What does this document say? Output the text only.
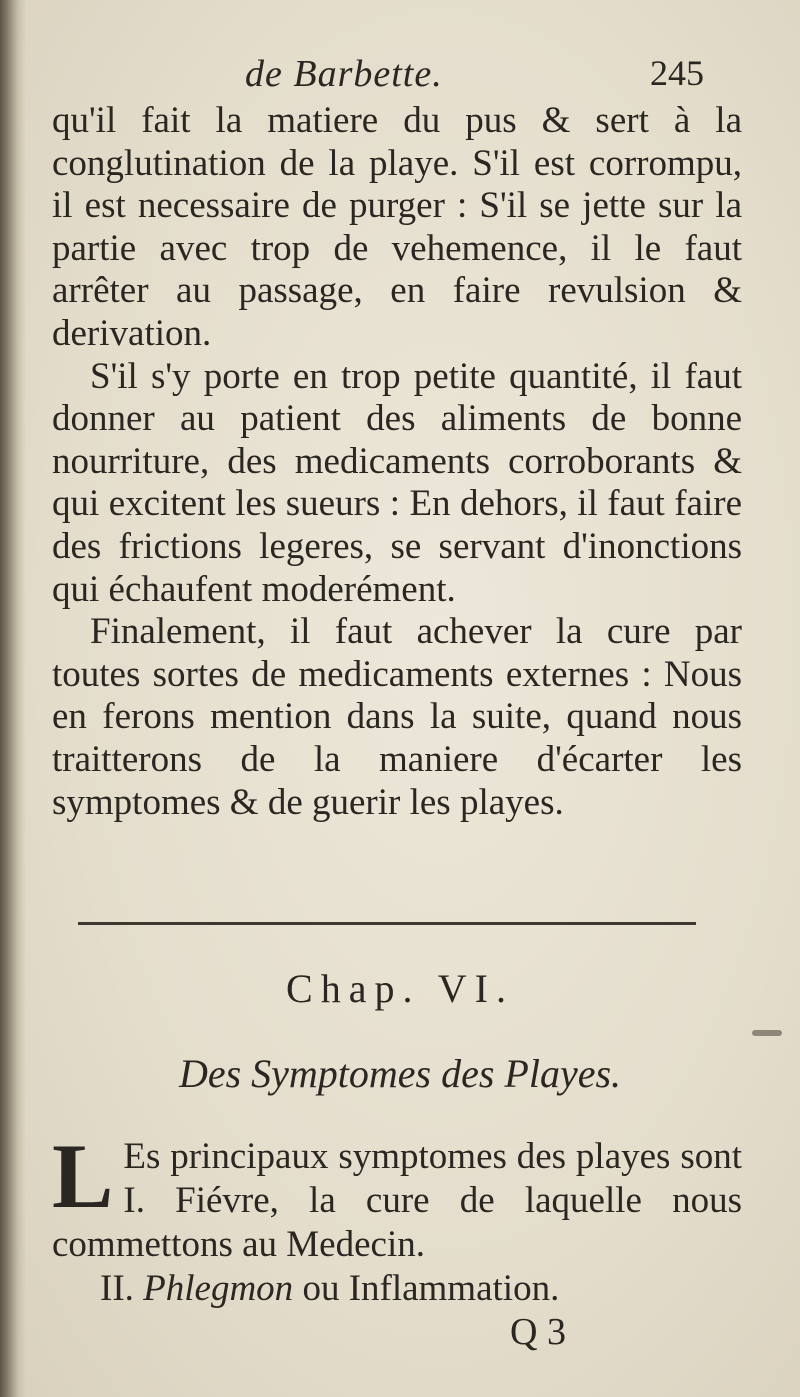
de Barbette.	245

qu'il fait la matiere du pus & sert à la conglutination de la playe. S'il est corrompu, il est necessaire de purger : S'il se jette sur la partie avec trop de vehemence, il le faut arrêter au passage, en faire revulsion & derivation.

S'il s'y porte en trop petite quantité, il faut donner au patient des aliments de bonne nourriture, des medicaments corroborants & qui excitent les sueurs : En dehors, il faut faire des frictions legeres, se servant d'inonctions qui échaufent moderément.

Finalement, il faut achever la cure par toutes sortes de medicaments externes : Nous en ferons mention dans la suite, quand nous traitterons de la maniere d'écarter les symptomes & de guerir les playes.

Chap. VI.
Des Symptomes des Playes.

L Es principaux symptomes des playes sont I. Fiévre, la cure de laquelle nous commettons au Medecin.

II. Phlegmon ou Inflammation.

Q 3
